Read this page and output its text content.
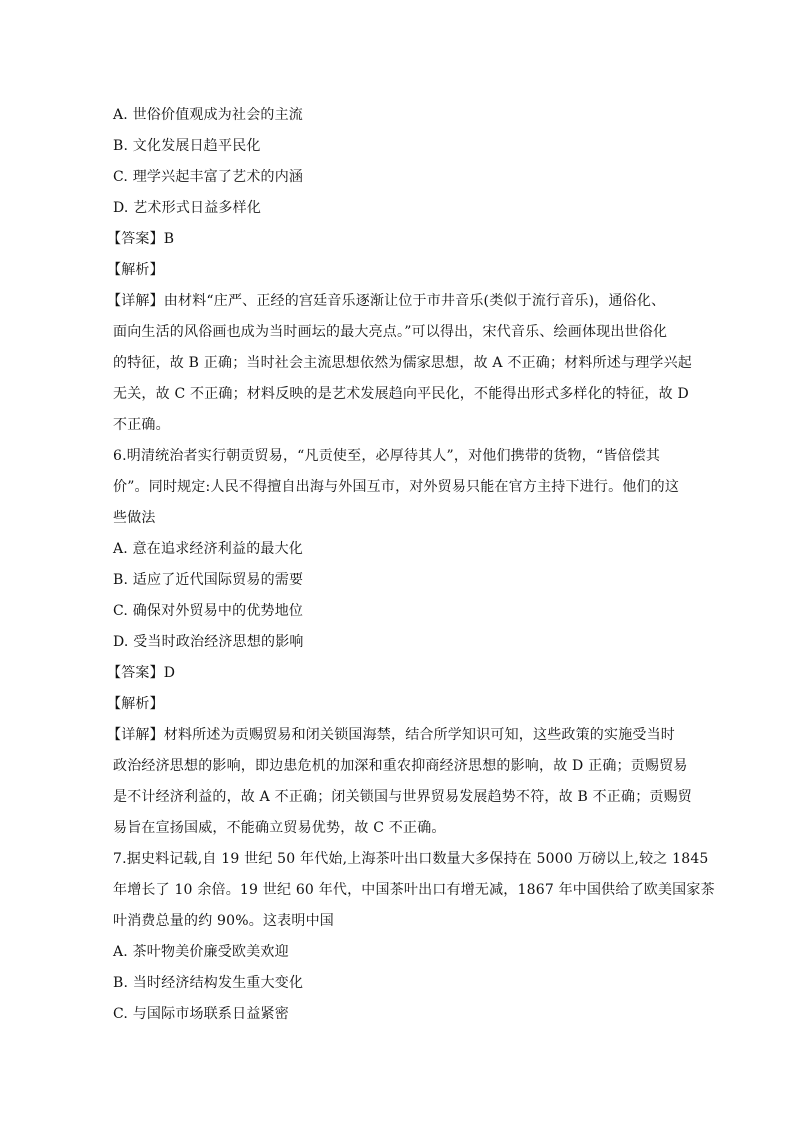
A. 世俗价值观成为社会的主流
B. 文化发展日趋平民化
C. 理学兴起丰富了艺术的内涵
D. 艺术形式日益多样化
【答案】B
【解析】
【详解】由材料“庄严、正经的宫廷音乐逐渐让位于市井音乐(类似于流行音乐)，通俗化、
面向生活的风俗画也成为当时画坛的最大亮点。”可以得出，宋代音乐、绘画体现出世俗化
的特征，故 B 正确；当时社会主流思想依然为儒家思想，故 A 不正确；材料所述与理学兴起
无关，故 C 不正确；材料反映的是艺术发展趋向平民化，不能得出形式多样化的特征，故 D
不正确。
6.明清统治者实行朝贡贸易，“凡贡使至，必厚待其人”，对他们携带的货物，“皆倍偿其
价”。同时规定:人民不得擅自出海与外国互市，对外贸易只能在官方主持下进行。他们的这
些做法
A. 意在追求经济利益的最大化
B. 适应了近代国际贸易的需要
C. 确保对外贸易中的优势地位
D. 受当时政治经济思想的影响
【答案】D
【解析】
【详解】材料所述为贡赐贸易和闭关锁国海禁，结合所学知识可知，这些政策的实施受当时
政治经济思想的影响，即边患危机的加深和重农抑商经济思想的影响，故 D 正确；贡赐贸易
是不计经济利益的，故 A 不正确；闭关锁国与世界贸易发展趋势不符，故 B 不正确；贡赐贸
易旨在宣扬国威，不能确立贸易优势，故 C 不正确。
7.据史料记载,自 19 世纪 50 年代始,上海茶叶出口数量大多保持在 5000 万磅以上,较之 1845
年增长了 10 余倍。19 世纪 60 年代，中国茶叶出口有增无减，1867 年中国供给了欧美国家茶
叶消费总量的约 90%。这表明中国
A. 茶叶物美价廉受欧美欢迎
B. 当时经济结构发生重大变化
C. 与国际市场联系日益紧密
